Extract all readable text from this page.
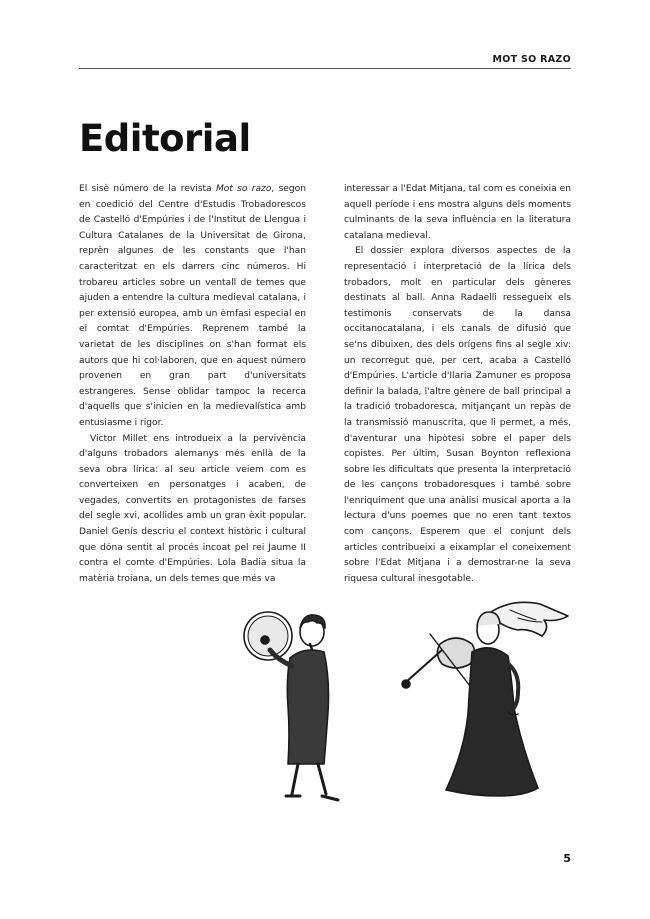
MOT SO RAZO
Editorial

El sisè número de la revista Mot so razo, segon en coedició del Centre d'Estudis Trobadorescos de Castelló d'Empúries i de l'Institut de Llengua i Cultura Catalanes de la Universitat de Girona, reprèn algunes de les constants que l'han caracteritzat en els darrers cinc números. Hi trobareu articles sobre un ventall de temes que ajuden a entendre la cultura medieval catalana, i per extensió europea, amb un èmfasi especial en el comtat d'Empúries. Reprenem també la varietat de les disciplines on s'han format els autors que hi col·laboren, que en aquest número provenen en gran part d'universitats estrangeres. Sense oblidar tampoc la recerca d'aquells que s'inicien en la medievalística amb entusiasme i rigor.

Victor Millet ens introdueix a la pervivència d'alguns trobadors alemanys més enllà de la seva obra lírica: al seu article veiem com es converteixen en personatges i acaben, de vegades, convertits en protagonistes de farses del segle xvi, acollides amb un gran èxit popular. Daniel Genís descriu el context històric i cultural que dóna sentit al procés incoat pel rei Jaume II contra el comte d'Empúries. Lola Badia situa la matèria troiana, un dels temes que més va

interessar a l'Edat Mitjana, tal com es coneixia en aquell període i ens mostra alguns dels moments culminants de la seva influència en la literatura catalana medieval.

El dossier explora diversos aspectes de la representació i interpretació de la lírica dels trobadors, molt en particular dels gèneres destinats al ball. Anna Radaelli ressegueix els testimonis conservats de la dansa occitanocatalana, i els canals de difusió que se'ns dibuixen, des dels orígens fins al segle xiv: un recorregut que, per cert, acaba a Castelló d'Empúries. L'article d'Ilaria Zamuner es proposa definir la balada, l'altre gènere de ball principal a la tradició trobadoresca, mitjançant un repàs de la transmissió manuscrita, que li permet, a més, d'aventurar una hipòtesi sobre el paper dels copistes. Per últim, Susan Boynton reflexiona sobre les dificultats que presenta la interpretació de les cançons trobadoresques i també sobre l'enriquiment que una anàlisi musical aporta a la lectura d'uns poemes que no eren tant textos com cançons. Esperem que el conjunt dels articles contribueixi a eixamplar el coneixement sobre l'Edat Mitjana i a demostrar-ne la seva riquesa cultural inesgotable.

5
